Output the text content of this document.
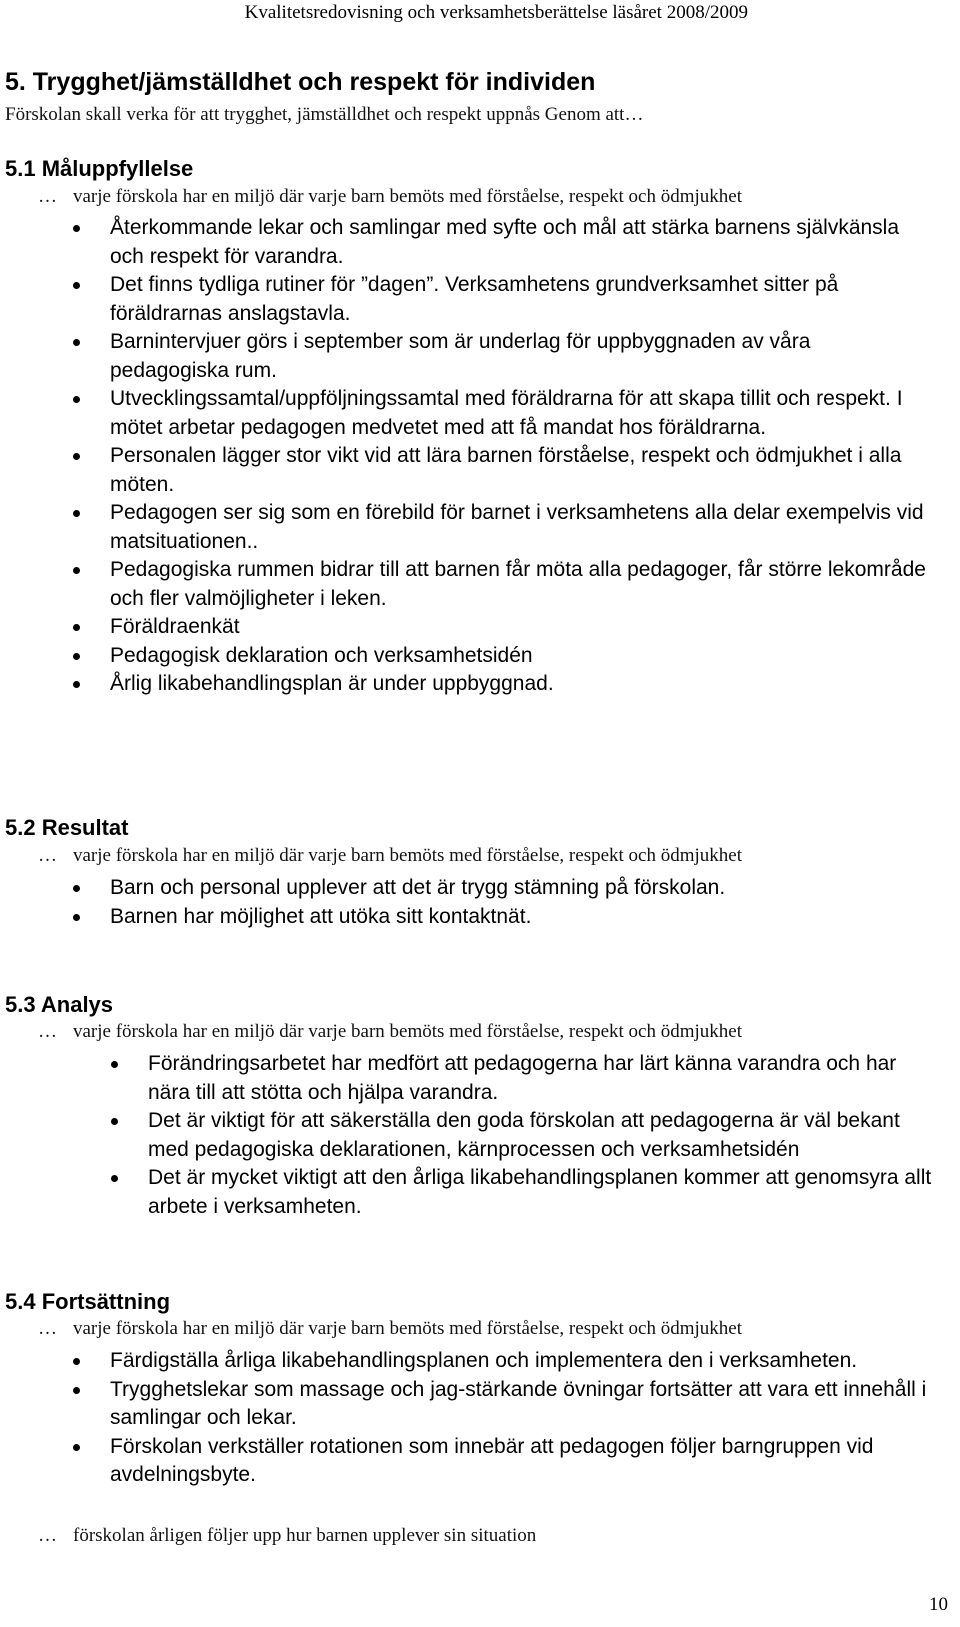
Kvalitetsredovisning och verksamhetsberättelse läsåret 2008/2009
5. Trygghet/jämställdhet och respekt för individen
Förskolan skall verka för att trygghet, jämställdhet och respekt uppnås Genom att…
5.1 Måluppfyllelse
… varje förskola har en miljö där varje barn bemöts med förståelse, respekt och ödmjukhet
Återkommande lekar och samlingar med syfte och mål att stärka barnens självkänsla och respekt för varandra.
Det finns tydliga rutiner för ”dagen”. Verksamhetens grundverksamhet sitter på föräldrarnas anslagstavla.
Barnintervjuer görs i september som är underlag för uppbyggnaden av våra pedagogiska rum.
Utvecklingssamtal/uppföljningssamtal med föräldrarna för att skapa tillit och respekt. I mötet arbetar pedagogen medvetet med att få mandat hos föräldrarna.
Personalen lägger stor vikt vid att lära barnen förståelse, respekt och ödmjukhet i alla möten.
Pedagogen ser sig som en förebild för barnet i verksamhetens alla delar exempelvis vid matsituationen..
Pedagogiska rummen bidrar till att barnen får möta alla pedagoger, får större lekområde och fler valmöjligheter i leken.
Föräldraenkät
Pedagogisk deklaration och verksamhetsidén
Årlig likabehandlingsplan är under uppbyggnad.
5.2 Resultat
… varje förskola har en miljö där varje barn bemöts med förståelse, respekt och ödmjukhet
Barn och personal upplever att det är trygg stämning på förskolan.
Barnen har möjlighet att utöka sitt kontaktnät.
5.3 Analys
… varje förskola har en miljö där varje barn bemöts med förståelse, respekt och ödmjukhet
Förändringsarbetet har medfört att pedagogerna har lärt känna varandra och har nära till att stötta och hjälpa varandra.
Det är viktigt för att säkerställa den goda förskolan att pedagogerna är väl bekant med pedagogiska deklarationen, kärnprocessen och verksamhetsidén
Det är mycket viktigt att den årliga likabehandlingsplanen kommer att genomsyra allt arbete i verksamheten.
5.4 Fortsättning
… varje förskola har en miljö där varje barn bemöts med förståelse, respekt och ödmjukhet
Färdigställa årliga likabehandlingsplanen och implementera den i verksamheten.
Trygghetslekar som massage och jag-stärkande övningar fortsätter att vara ett innehåll i samlingar och lekar.
Förskolan verkställer rotationen som innebär att pedagogen följer barngruppen vid avdelningsbyte.
… förskolan årligen följer upp hur barnen upplever sin situation
10
